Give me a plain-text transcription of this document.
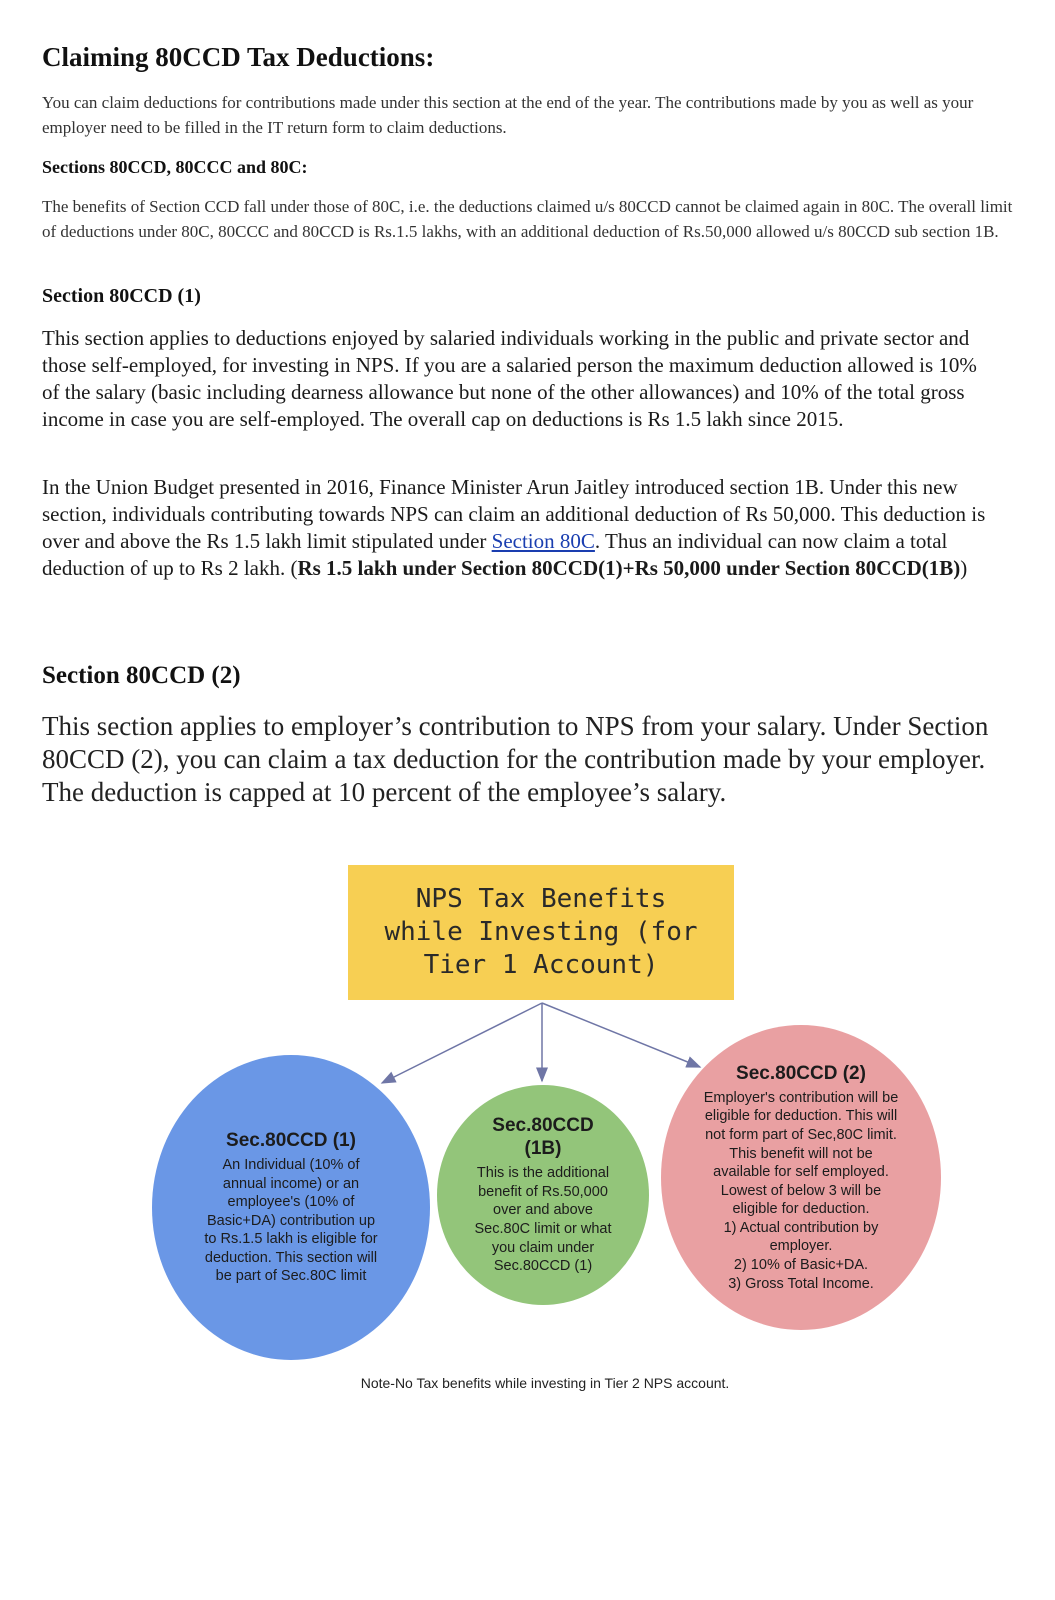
Claiming 80CCD Tax Deductions:

You can claim deductions for contributions made under this section at the end of the year. The contributions made by you as well as your employer need to be filled in the IT return form to claim deductions.

Sections 80CCD, 80CCC and 80C:

The benefits of Section CCD fall under those of 80C, i.e. the deductions claimed u/s 80CCD cannot be claimed again in 80C. The overall limit of deductions under 80C, 80CCC and 80CCD is Rs.1.5 lakhs, with an additional deduction of Rs.50,000 allowed u/s 80CCD sub section 1B.

Section 80CCD (1)

This section applies to deductions enjoyed by salaried individuals working in the public and private sector and those self-employed, for investing in NPS. If you are a salaried person the maximum deduction allowed is 10% of the salary (basic including dearness allowance but none of the other allowances) and 10% of the total gross income in case you are self-employed. The overall cap on deductions is Rs 1.5 lakh since 2015.

In the Union Budget presented in 2016, Finance Minister Arun Jaitley introduced section 1B. Under this new section, individuals contributing towards NPS can claim an additional deduction of Rs 50,000. This deduction is over and above the Rs 1.5 lakh limit stipulated under Section 80C. Thus an individual can now claim a total deduction of up to Rs 2 lakh. (Rs 1.5 lakh under Section 80CCD(1)+Rs 50,000 under Section 80CCD(1B))

Section 80CCD (2)

This section applies to employer’s contribution to NPS from your salary. Under Section 80CCD (2), you can claim a tax deduction for the contribution made by your employer. The deduction is capped at 10 percent of the employee’s salary.

NPS Tax Benefits while Investing (for Tier 1 Account)
Sec.80CCD (1)
An Individual (10% of annual income) or an employee's (10% of Basic+DA) contribution up to Rs.1.5 lakh is eligible for deduction. This section will be part of Sec.80C limit
Sec.80CCD (1B)
This is the additional benefit of Rs.50,000 over and above Sec.80C limit or what you claim under Sec.80CCD (1)
Sec.80CCD (2)
Employer's contribution will be eligible for deduction. This will not form part of Sec,80C limit. This benefit will not be available for self employed. Lowest of below 3 will be eligible for deduction.
1) Actual contribution by employer.
2) 10% of Basic+DA.
3) Gross Total Income.
Note-No Tax benefits while investing in Tier 2 NPS account.
